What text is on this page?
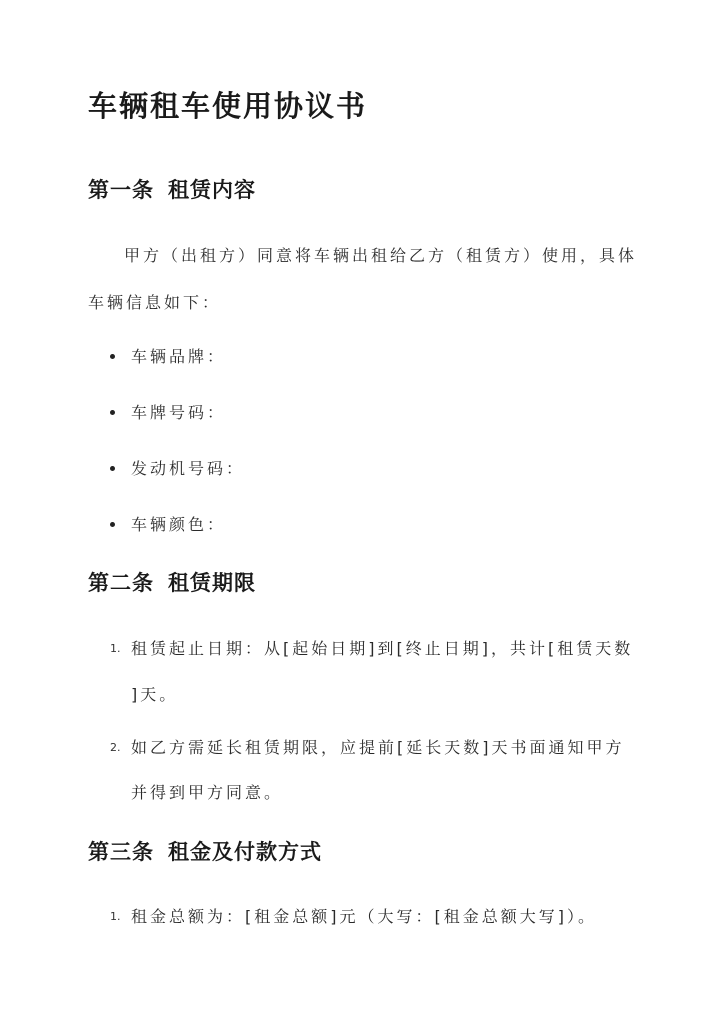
车辆租车使用协议书
第一条 租赁内容
甲方（出租方）同意将车辆出租给乙方（租赁方）使用，具体
车辆信息如下：
车辆品牌：
车牌号码：
发动机号码：
车辆颜色：
第二条 租赁期限
1. 租赁起止日期：从[起始日期]到[终止日期]，共计[租赁天数
]天。
2. 如乙方需延长租赁期限，应提前[延长天数]天书面通知甲方
并得到甲方同意。
第三条 租金及付款方式
1. 租金总额为：[租金总额]元（大写：[租金总额大写]）。
